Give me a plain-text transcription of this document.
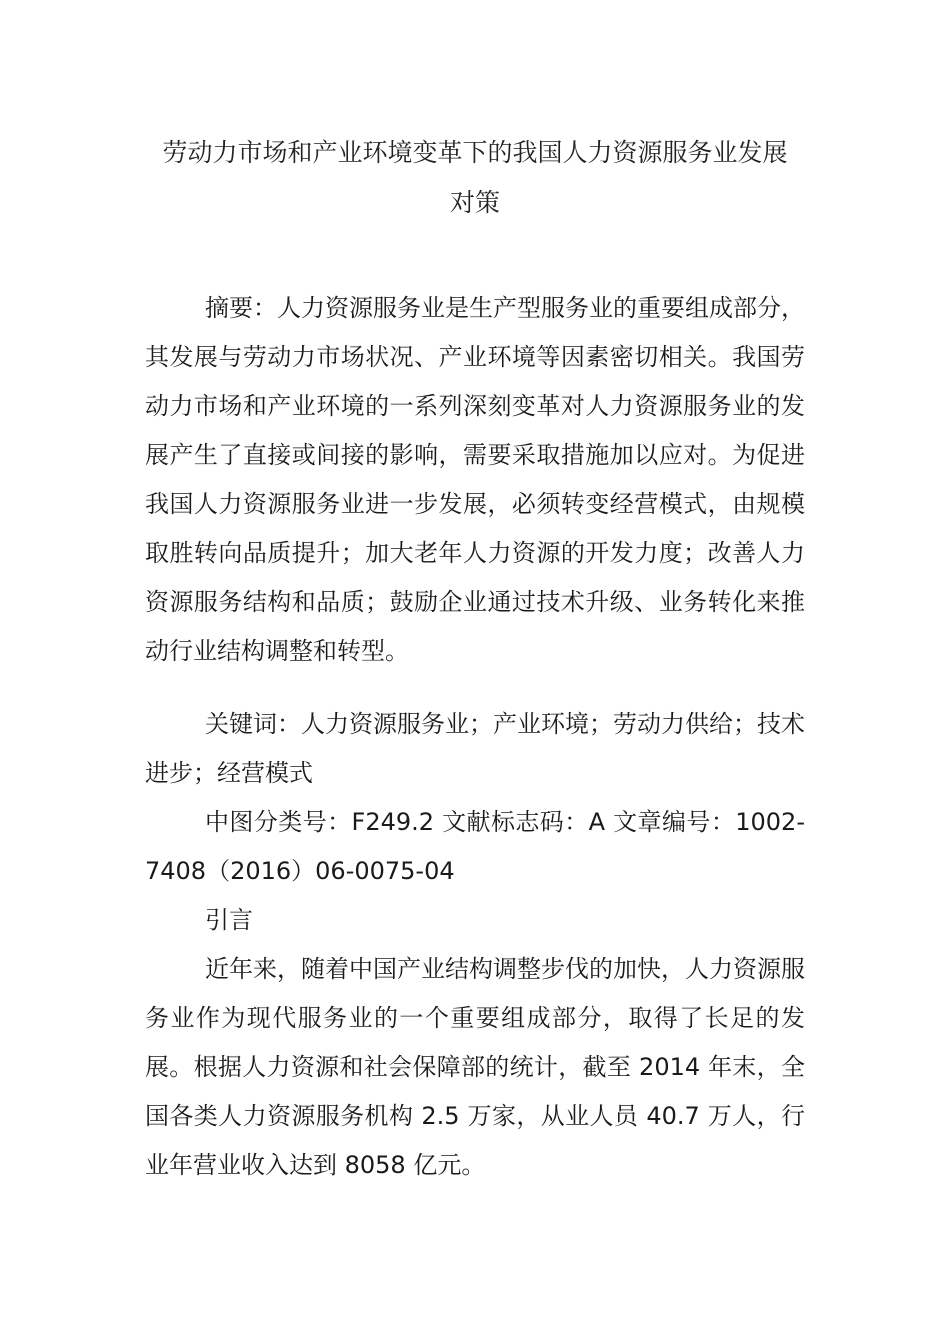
劳动力市场和产业环境变革下的我国人力资源服务业发展
对策

摘要：人力资源服务业是生产型服务业的重要组成部分，其发展与劳动力市场状况、产业环境等因素密切相关。我国劳动力市场和产业环境的一系列深刻变革对人力资源服务业的发展产生了直接或间接的影响，需要采取措施加以应对。为促进我国人力资源服务业进一步发展，必须转变经营模式，由规模取胜转向品质提升；加大老年人力资源的开发力度；改善人力资源服务结构和品质；鼓励企业通过技术升级、业务转化来推动行业结构调整和转型。

关键词：人力资源服务业；产业环境；劳动力供给；技术进步；经营模式

中图分类号：F249.2 文献标志码：A 文章编号：1002-7408（2016）06-0075-04

引言

近年来，随着中国产业结构调整步伐的加快，人力资源服务业作为现代服务业的一个重要组成部分，取得了长足的发展。根据人力资源和社会保障部的统计，截至 2014 年末，全国各类人力资源服务机构 2.5 万家，从业人员 40.7 万人，行业年营业收入达到 8058 亿元。
